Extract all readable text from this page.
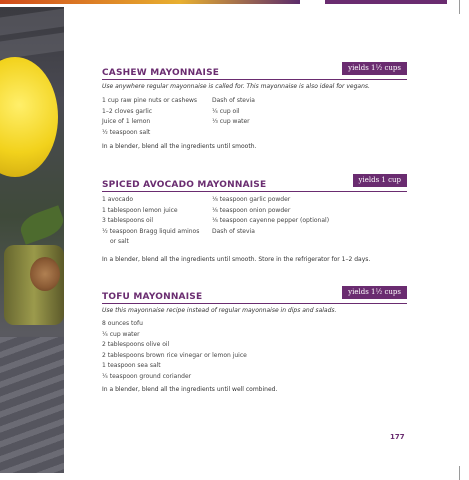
yields 1½ cups
CASHEW MAYONNAISE
Use anywhere regular mayonnaise is called for. This mayonnaise is also ideal for vegans.
1 cup raw pine nuts or cashews
1–2 cloves garlic
Juice of 1 lemon
½ teaspoon salt
Dash of stevia
¼ cup oil
⅓ cup water
In a blender, blend all the ingredients until smooth.
yields 1 cup
SPICED AVOCADO MAYONNAISE
1 avocado
1 tablespoon lemon juice
3 tablespoons oil
½ teaspoon Bragg liquid aminos
or salt
⅛ teaspoon garlic powder
⅛ teaspoon onion powder
⅛ teaspoon cayenne pepper (optional)
Dash of stevia
In a blender, blend all the ingredients until smooth. Store in the refrigerator for 1–2 days.
yields 1½ cups
TOFU MAYONNAISE
Use this mayonnaise recipe instead of regular mayonnaise in dips and salads.
8 ounces tofu
¼ cup water
2 tablespoons olive oil
2 tablespoons brown rice vinegar or lemon juice
1 teaspoon sea salt
¼ teaspoon ground coriander
In a blender, blend all the ingredients until well combined.
177
